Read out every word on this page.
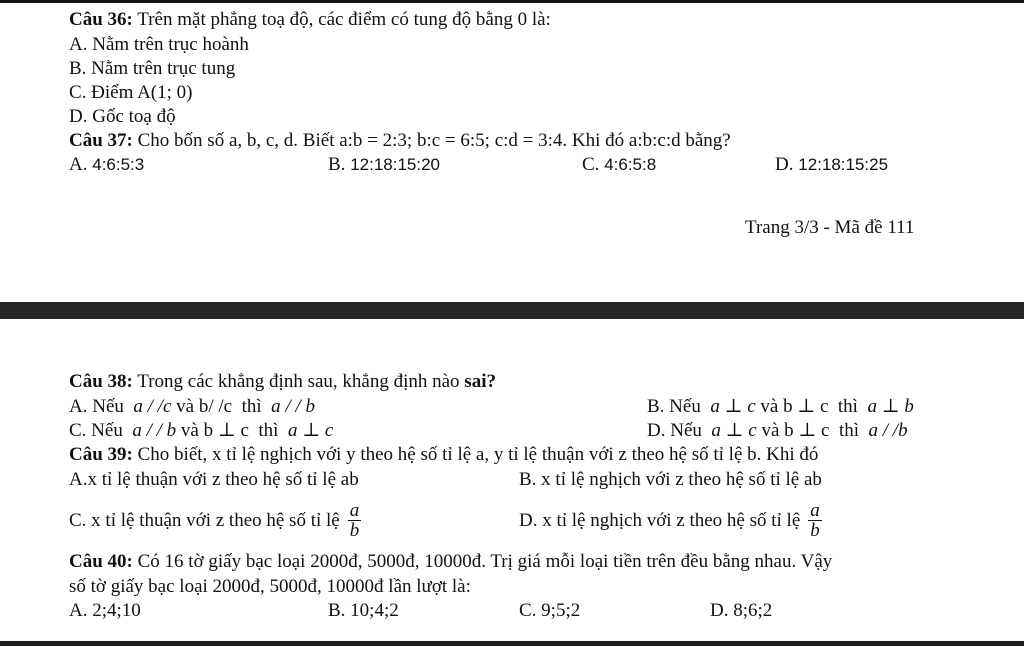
Câu 36: Trên mặt phẳng toạ độ, các điểm có tung độ bằng 0 là:
A. Nằm trên trục hoành
B. Nằm trên trục tung
C. Điểm A(1; 0)
D. Gốc toạ độ
Câu 37: Cho bốn số a, b, c, d. Biết a:b = 2:3; b:c = 6:5; c:d = 3:4. Khi đó a:b:c:d bằng?
A. 4:6:5:3	B. 12:18:15:20	C. 4:6:5:8	D. 12:18:15:25
Trang 3/3 - Mã đề 111
Câu 38: Trong các khẳng định sau, khẳng định nào sai?
A. Nếu a / /c và b/ /c thì a / / b	B. Nếu a ⊥ c và b ⊥ c thì a ⊥ b
C. Nếu a / / b và b ⊥ c thì a ⊥ c	D. Nếu a ⊥ c và b ⊥ c thì a / /b
Câu 39: Cho biết, x tỉ lệ nghịch với y theo hệ số tỉ lệ a, y tỉ lệ thuận với z theo hệ số tỉ lệ b. Khi đó
A.x tỉ lệ thuận với z theo hệ số tỉ lệ ab	B. x tỉ lệ nghịch với z theo hệ số tỉ lệ ab
C. x tỉ lệ thuận với z theo hệ số tỉ lệ $\frac{a}{b}$	D. x tỉ lệ nghịch với z theo hệ số tỉ lệ $\frac{a}{b}$
Câu 40: Có 16 tờ giấy bạc loại 2000đ, 5000đ, 10000đ. Trị giá mỗi loại tiền trên đều bằng nhau. Vậy
số tờ giấy bạc loại 2000đ, 5000đ, 10000đ lần lượt là:
A. 2;4;10	B. 10;4;2	C. 9;5;2	D. 8;6;2
